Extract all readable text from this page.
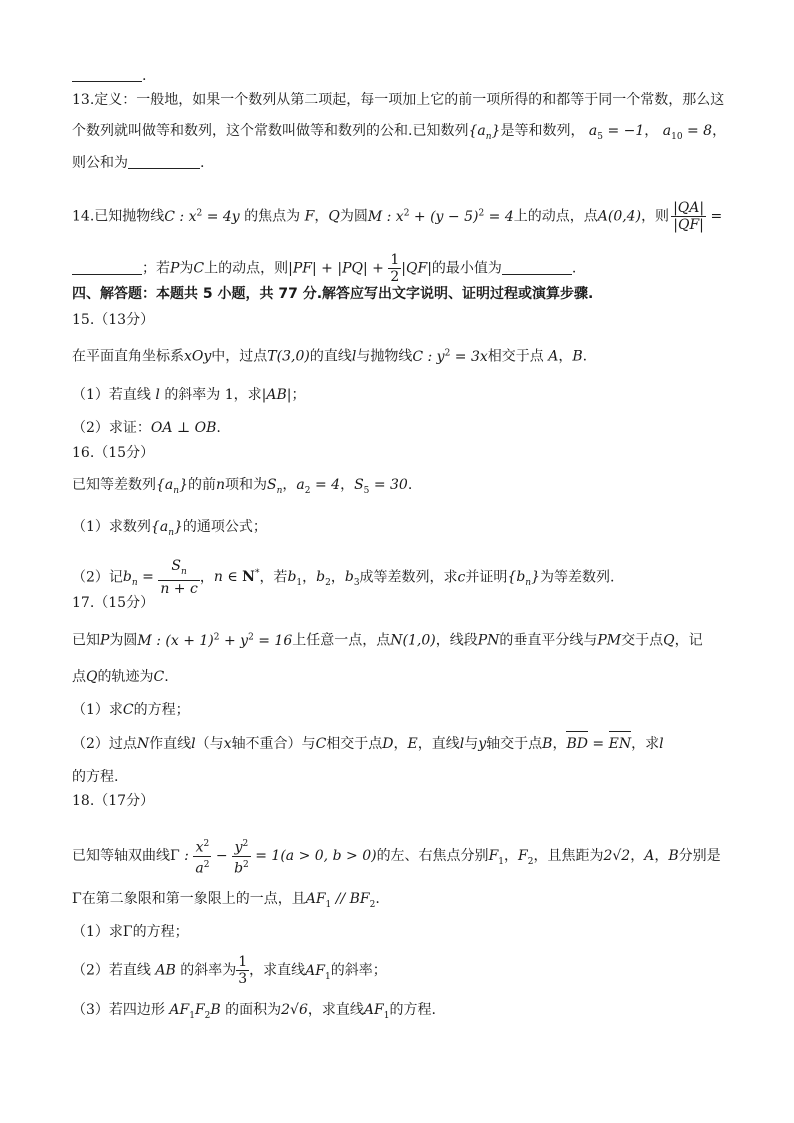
.
13.定义：一般地，如果一个数列从第二项起，每一项加上它的前一项所得的和都等于同一个常数，那么这
个数列就叫做等和数列，这个常数叫做等和数列的公和.已知数列$\{a_n\}$是等和数列， $a_5 = -1$， $a_{10} = 8$，
则公和为	.
14.已知抛物线C : $x^2 = 4y$ 的焦点为 F，Q为圆M : $x^2 + (y - 5)^2 = 4$上的动点，点A(0,4)，则 $\frac{|QA|}{|QF|}$ =
；若P为C上的动点，则$|PF| + |PQ| + \frac{1}{2} |QF|$的最小值为	.
四、解答题：本题共 5 小题，共 77 分.解答应写出文字说明、证明过程或演算步骤.
15.（13分）
在平面直角坐标系xOy中，过点T(3,0)的直线l与抛物线C : $y^2 = 3x$相交于点 A，B.
（1）若直线 l 的斜率为 1，求|AB|；
（2）求证：OA ⊥ OB.
16.（15分）
已知等差数列$\{a_n\}$的前n项和为$S_n$，$a_2 = 4$，$S_5 = 30$.
（1）求数列$\{a_n\}$的通项公式；
（2）记$b_n = \frac{S_n}{n + c}$ ，n ∈ N*，若$b_1$，$b_2$，$b_3$成等差数列，求c并证明$\{b_n\}$为等差数列.
17.（15分）
已知P为圆M : $(x + 1)^2 + y^2 = 16$上任意一点，点N(1,0)，线段PN的垂直平分线与PM交于点Q，记
点Q的轨迹为C.
（1）求C的方程；
（2）过点N作直线l（与x轴不重合）与C相交于点D，E，直线l与y轴交于点B，BD = EN，求l
的方程.
18.（17分）
已知等轴双曲线Γ : $\frac{x^2}{a^2} - \frac{y^2}{b^2} = 1(a > 0$, b > 0)的左、右焦点分别$F_1$，$F_2$，且焦距为2√2，A，B分别是
Γ在第二象限和第一象限上的一点，且$AF_1 // BF_2$.
（1）求Γ的方程；
（2）若直线 AB 的斜率为 $\frac{1}{3}$ ，求直线$AF_1$的斜率；
（3）若四边形 $AF_1F_2B$ 的面积为2√6，求直线$AF_1$的方程.
